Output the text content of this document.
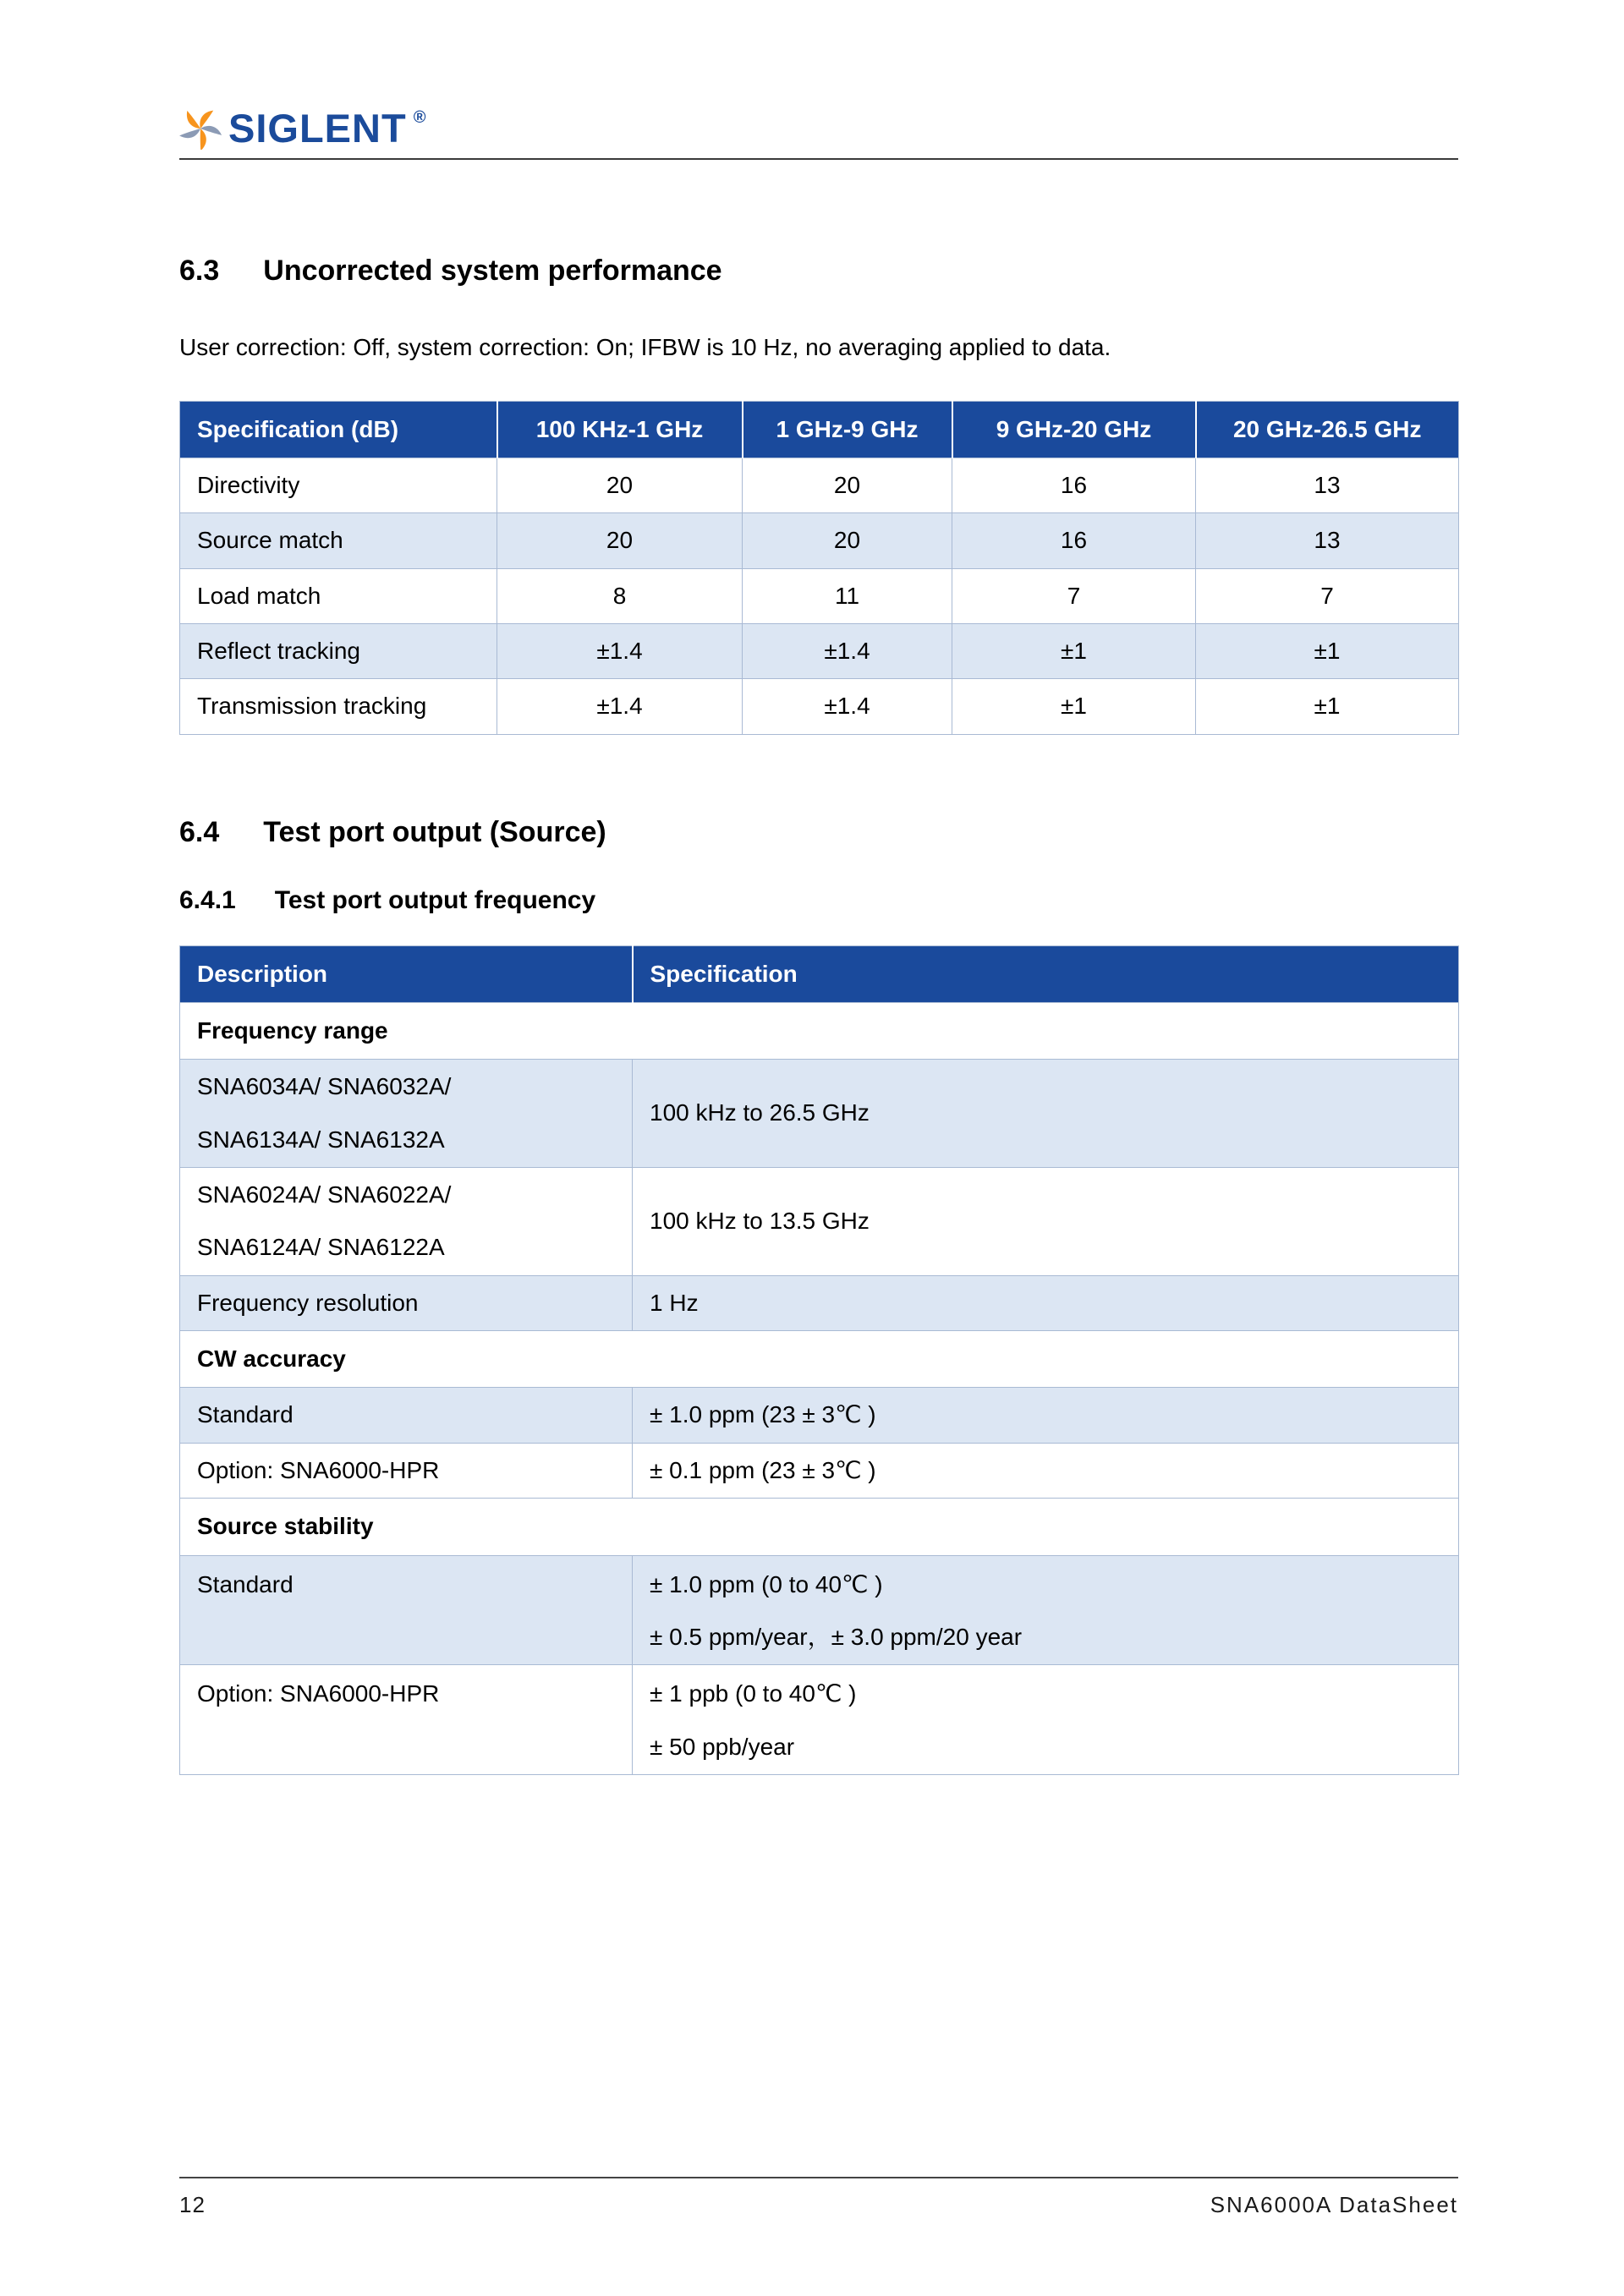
SIGLENT ®
6.3 Uncorrected system performance

User correction: Off, system correction: On; IFBW is 10 Hz, no averaging applied to data.

Specification (dB)	100 KHz-1 GHz	1 GHz-9 GHz	9 GHz-20 GHz	20 GHz-26.5 GHz
Directivity	20	20	16	13
Source match	20	20	16	13
Load match	8	11	7	7
Reflect tracking	±1.4	±1.4	±1	±1
Transmission tracking	±1.4	±1.4	±1	±1
6.4 Test port output (Source)
6.4.1 Test port output frequency
Description	Specification
Frequency range	

SNA6034A/ SNA6032A/
SNA6134A/ SNA6132A	100 kHz to 26.5 GHz

SNA6024A/ SNA6022A/
SNA6124A/ SNA6122A	100 kHz to 13.5 GHz
Frequency resolution	1 Hz
CW accuracy	
Standard	± 1.0 ppm (23 ± 3℃ )
Option: SNA6000-HPR	± 0.1 ppm (23 ± 3℃ )
Source stability	
Standard	± 1.0 ppm (0 to 40℃ )
± 0.5 ppm/year，± 3.0 ppm/20 year

Option: SNA6000-HPR	± 1 ppb (0 to 40℃ )
± 50 ppb/year
12	SNA6000A DataSheet
